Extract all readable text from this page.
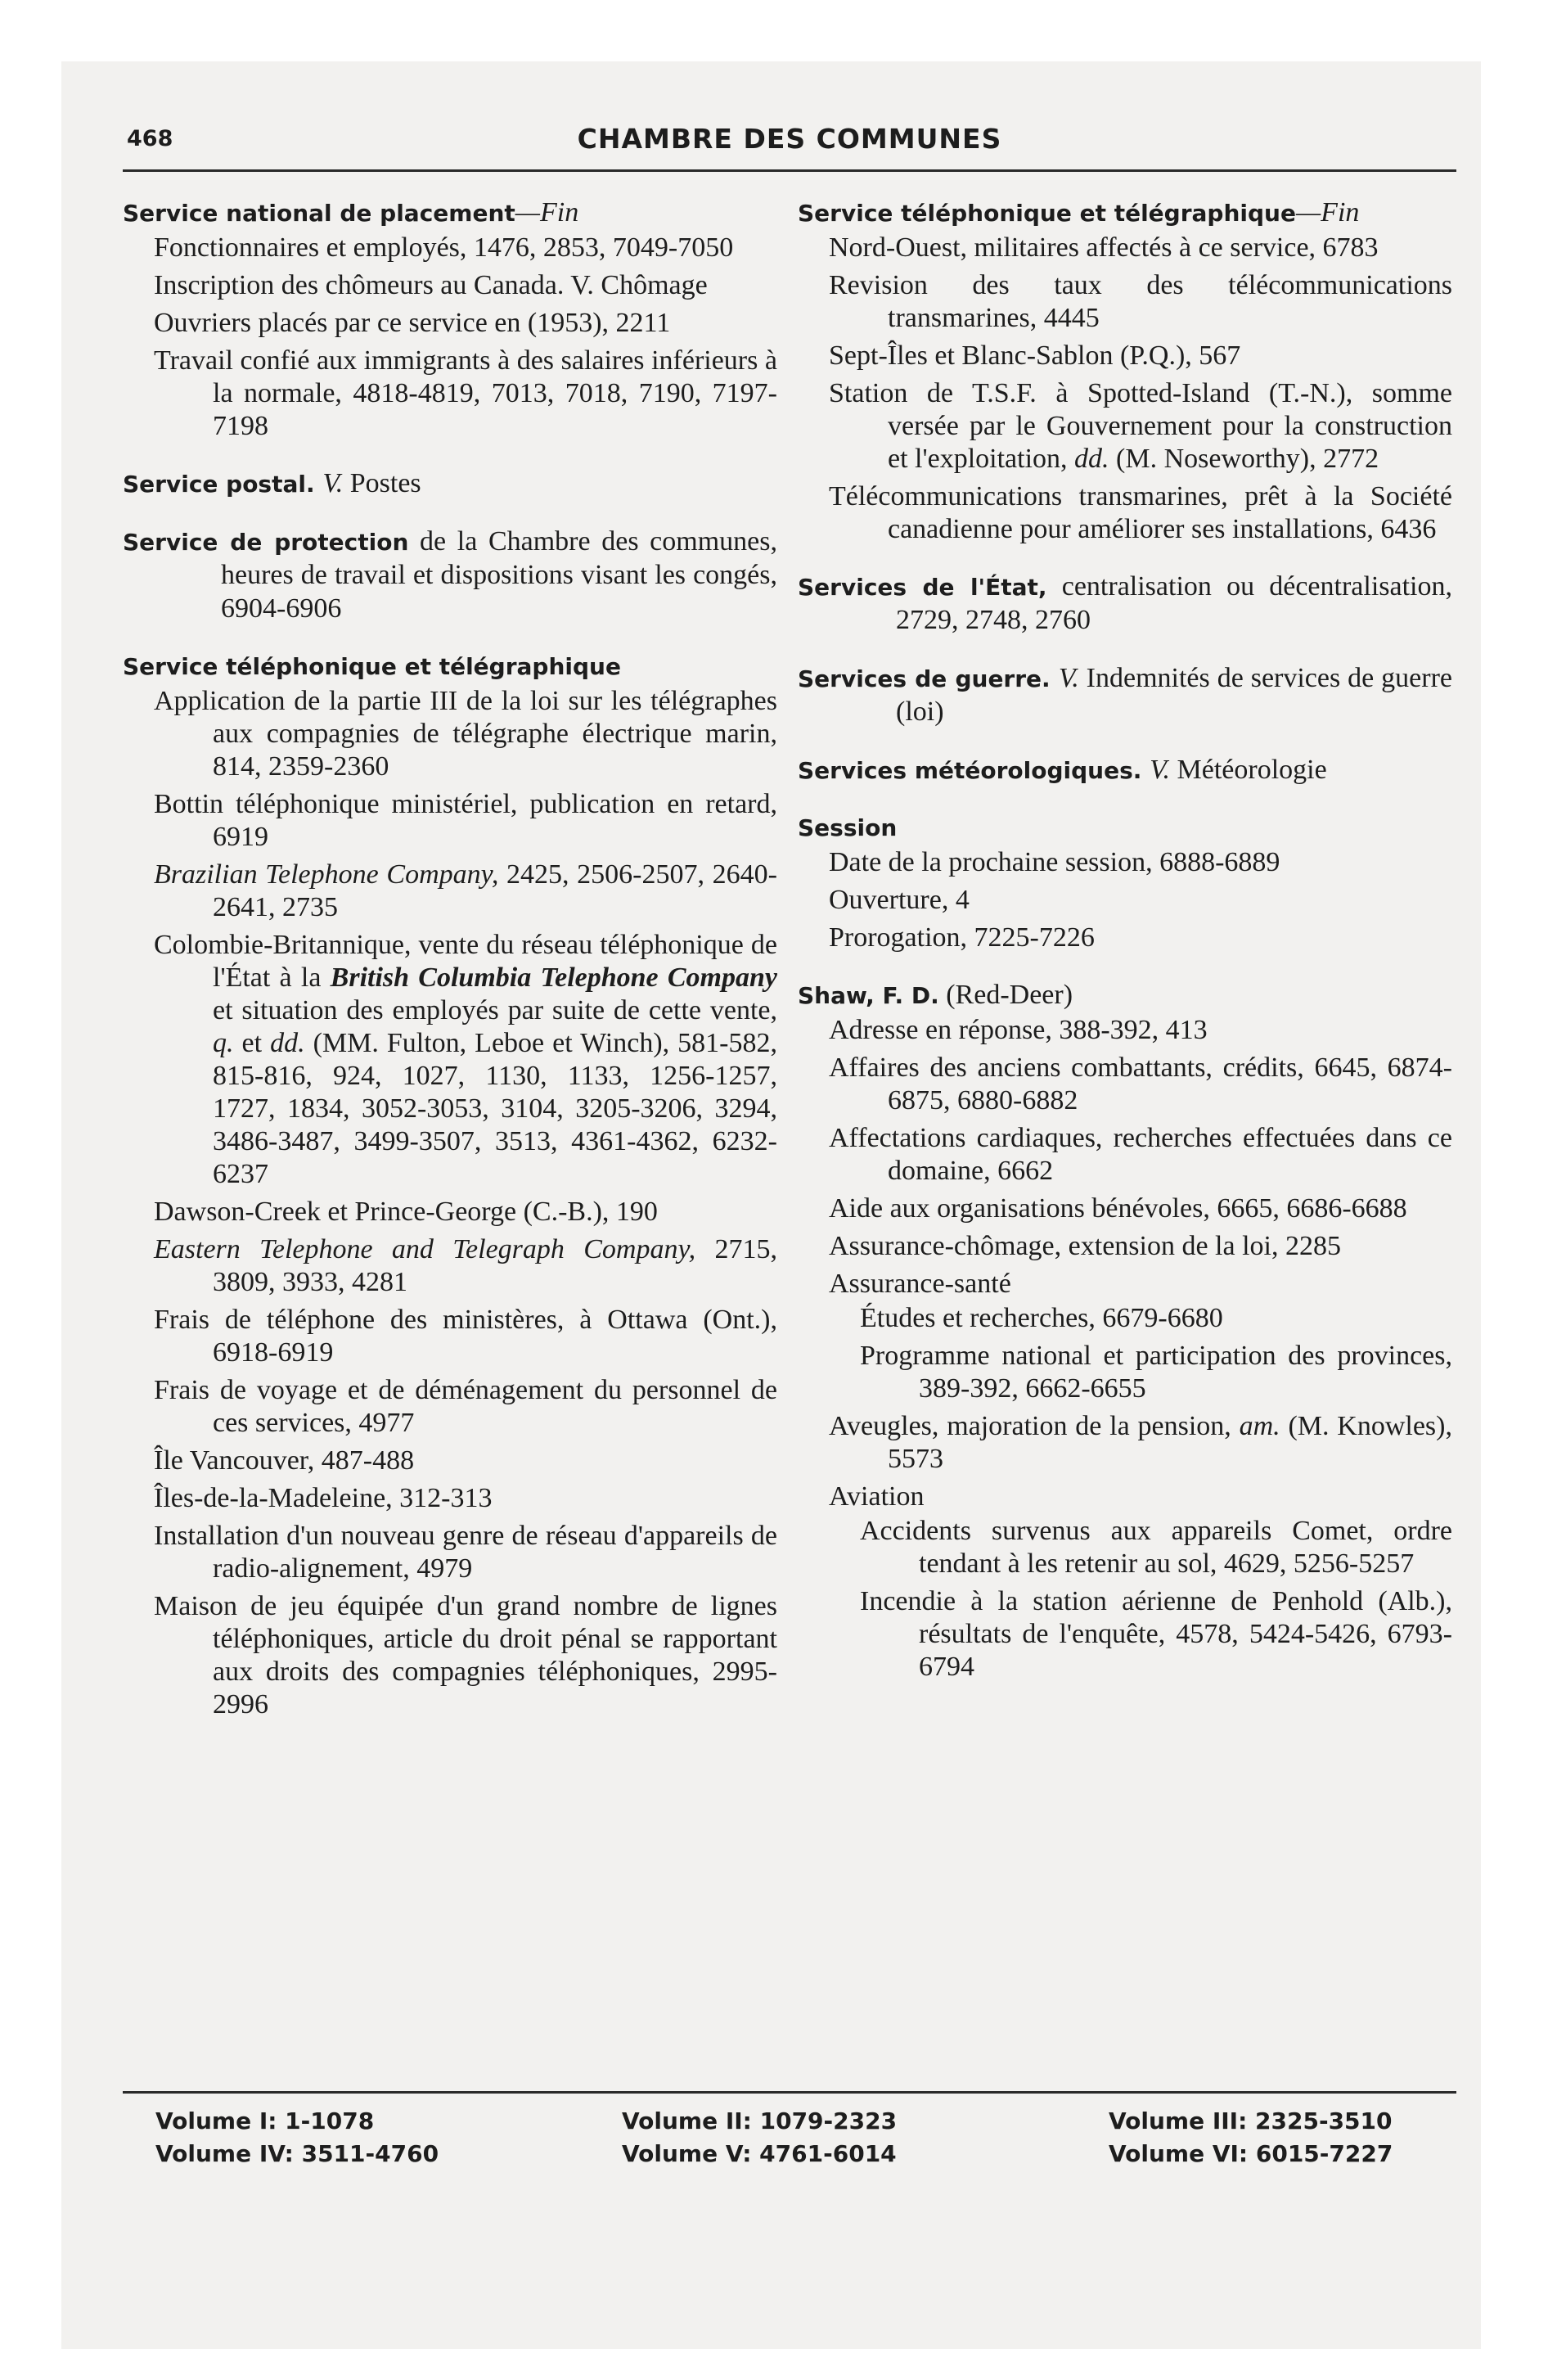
468	CHAMBRE DES COMMUNES
Service national de placement—Fin
Fonctionnaires et employés, 1476, 2853, 7049-7050
Inscription des chômeurs au Canada. V. Chômage
Ouvriers placés par ce service en (1953), 2211
Travail confié aux immigrants à des salaires inférieurs à la normale, 4818-4819, 7013, 7018, 7190, 7197-7198
Service postal. V. Postes
Service de protection de la Chambre des communes, heures de travail et dispositions visant les congés, 6904-6906
Service téléphonique et télégraphique
Application de la partie III de la loi sur les télégraphes aux compagnies de télégraphe électrique marin, 814, 2359-2360
Bottin téléphonique ministériel, publication en retard, 6919
Brazilian Telephone Company, 2425, 2506-2507, 2640-2641, 2735
Colombie-Britannique, vente du réseau téléphonique de l'État à la British Columbia Telephone Company et situation des employés par suite de cette vente, q. et dd. (MM. Fulton, Leboe et Winch), 581-582, 815-816, 924, 1027, 1130, 1133, 1256-1257, 1727, 1834, 3052-3053, 3104, 3205-3206, 3294, 3486-3487, 3499-3507, 3513, 4361-4362, 6232-6237
Dawson-Creek et Prince-George (C.-B.), 190
Eastern Telephone and Telegraph Company, 2715, 3809, 3933, 4281
Frais de téléphone des ministères, à Ottawa (Ont.), 6918-6919
Frais de voyage et de déménagement du personnel de ces services, 4977
Île Vancouver, 487-488
Îles-de-la-Madeleine, 312-313
Installation d'un nouveau genre de réseau d'appareils de radio-alignement, 4979
Maison de jeu équipée d'un grand nombre de lignes téléphoniques, article du droit pénal se rapportant aux droits des compagnies téléphoniques, 2995-2996
Service téléphonique et télégraphique—Fin
Nord-Ouest, militaires affectés à ce service, 6783
Revision des taux des télécommunications transmarines, 4445
Sept-Îles et Blanc-Sablon (P.Q.), 567
Station de T.S.F. à Spotted-Island (T.-N.), somme versée par le Gouvernement pour la construction et l'exploitation, dd. (M. Noseworthy), 2772
Télécommunications transmarines, prêt à la Société canadienne pour améliorer ses installations, 6436
Services de l'État, centralisation ou décentralisation, 2729, 2748, 2760
Services de guerre. V. Indemnités de services de guerre (loi)
Services météorologiques. V. Météorologie
Session
Date de la prochaine session, 6888-6889
Ouverture, 4
Prorogation, 7225-7226
Shaw, F. D. (Red-Deer)
Adresse en réponse, 388-392, 413
Affaires des anciens combattants, crédits, 6645, 6874-6875, 6880-6882
Affectations cardiaques, recherches effectuées dans ce domaine, 6662
Aide aux organisations bénévoles, 6665, 6686-6688
Assurance-chômage, extension de la loi, 2285
Assurance-santé
Études et recherches, 6679-6680
Programme national et participation des provinces, 389-392, 6662-6655
Aveugles, majoration de la pension, am. (M. Knowles), 5573
Aviation
Accidents survenus aux appareils Comet, ordre tendant à les retenir au sol, 4629, 5256-5257
Incendie à la station aérienne de Penhold (Alb.), résultats de l'enquête, 4578, 5424-5426, 6793-6794
Volume I: 1-1078	Volume II: 1079-2323	Volume III: 2325-3510
Volume IV: 3511-4760	Volume V: 4761-6014	Volume VI: 6015-7227
